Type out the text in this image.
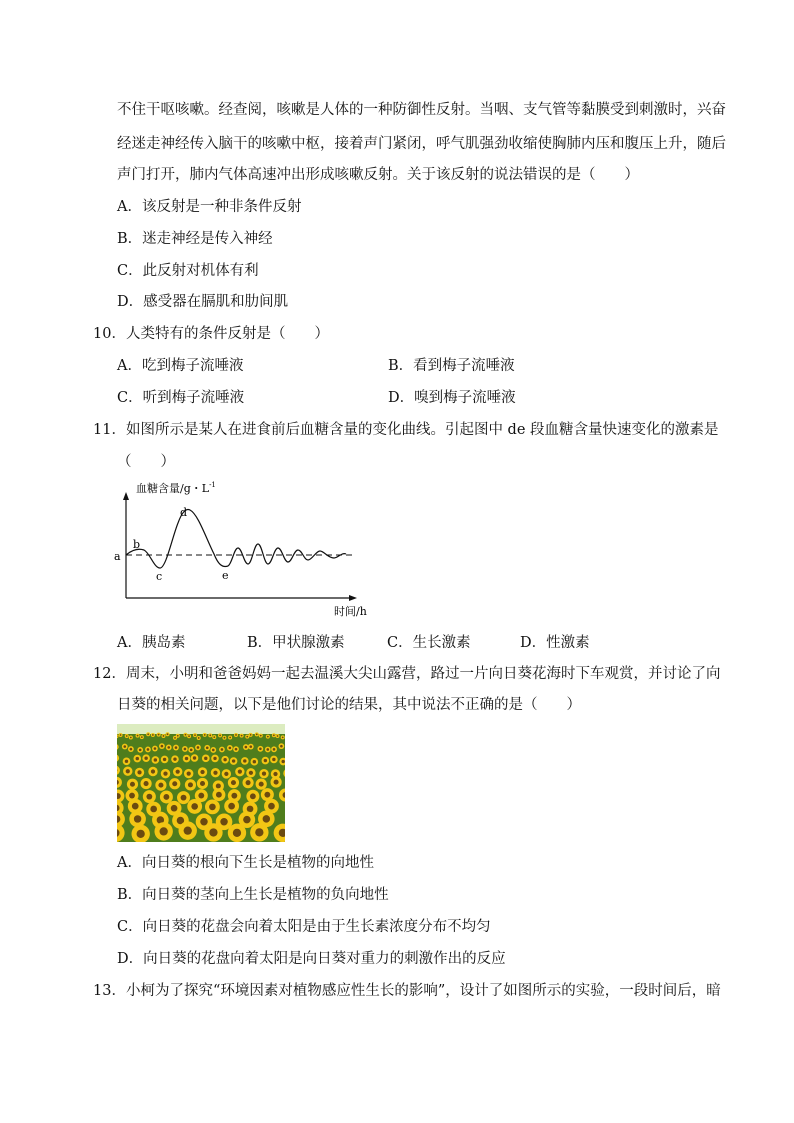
不住干呕咳嗽。经查阅，咳嗽是人体的一种防御性反射。当咽、支气管等黏膜受到刺激时，兴奋
经迷走神经传入脑干的咳嗽中枢，接着声门紧闭，呼气肌强劲收缩使胸肺内压和腹压上升，随后
声门打开，肺内气体高速冲出形成咳嗽反射。关于该反射的说法错误的是（　　）
A．该反射是一种非条件反射
B．迷走神经是传入神经
C．此反射对机体有利
D．感受器在膈肌和肋间肌
10．人类特有的条件反射是（　　）
A．吃到梅子流唾液	B．看到梅子流唾液
C．听到梅子流唾液	D．嗅到梅子流唾液
11．如图所示是某人在进食前后血糖含量的变化曲线。引起图中 de 段血糖含量快速变化的激素是
（　　）
血糖含量/g・$L^{-1}$
a
b
c
d
e
时间/h
A．胰岛素	B．甲状腺激素	C．生长激素	D．性激素
12．周末，小明和爸爸妈妈一起去温溪大尖山露营，路过一片向日葵花海时下车观赏，并讨论了向
日葵的相关问题，以下是他们讨论的结果，其中说法不正确的是（　　）
A．向日葵的根向下生长是植物的向地性
B．向日葵的茎向上生长是植物的负向地性
C．向日葵的花盘会向着太阳是由于生长素浓度分布不均匀
D．向日葵的花盘向着太阳是向日葵对重力的刺激作出的反应
13．小柯为了探究“环境因素对植物感应性生长的影响”，设计了如图所示的实验，一段时间后，暗
